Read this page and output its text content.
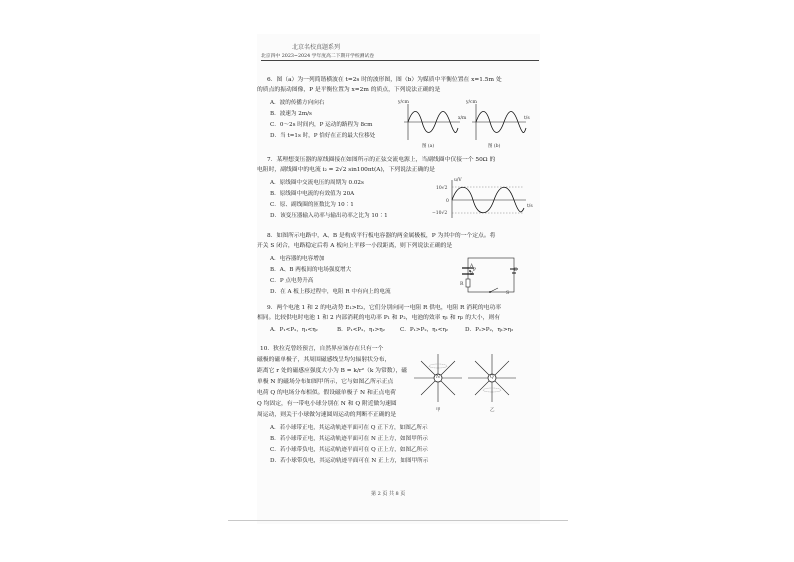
北京名校真题系列
北京四中 2023~2024 学年度高二下期开学校测试卷
6．图（a）为一列简谐横波在 t=2s 时的波形图，图（b）为媒质中平衡位置在 x=1.5m 处
的质点的振动图像，P 是平衡位置为 x=2m 的质点，下列说法正确的是
A．波的传播方向向右
B．波速为 2m/s
C．0～2s 时间内，P 运动的路程为 8cm
D．当 t=1s 时，P 恰好在正的最大位移处
y/cm
x/m
y/cm
t/s
图 (a)	图 (b)
7．某理想变压器的原线圈接在如图所示的正弦交流电源上，当副线圈中仅接一个 50Ω 的
电阻时，副线圈中的电流 i₂ = 2√2 sin100πt(A)，下列说法正确的是
A．原线圈中交流电压的周期为 0.02s
B．原线圈中电流的有效值为 20A
C．原、副线圈的匝数比为 10∶1
D．该变压器输入功率与输出功率之比为 10∶1
u/V
t/s
10√2
0
−10√2
8．如图所示电路中，A、B 是构成平行板电容器的两金属极板，P 为其中的一个定点。将
开关 S 闭合，电路稳定后将 A 板向上平移一小段距离，则下列说法正确的是
A．电容器的电容增加
B．A、B 两板间的电场强度增大
C．P 点电势升高
D．在 A 板上移过程中，电阻 R 中有向上的电流
A
B
P
R
E
S
9．两个电池 1 和 2 的电动势 E₁>E₂，它们分别向同一电阻 R 供电，电阻 R 消耗的电功率
相同。比较供电时电池 1 和 2 内部消耗的电功率 P₁ 和 P₂，电池的效率 η₁ 和 η₂ 的大小，则有
A．P₁<P₂，η₁<η₂	B．P₁<P₂，η₁>η₂	C．P₁>P₂，η₁<η₂	D．P₁>P₂，η₁>η₂
10．狄拉克曾经预言，自然界应该存在只有一个
磁极的磁单极子，其周围磁感线呈均匀辐射状分布，
距离它 r 处的磁感应强度大小为 B = k/r²（k 为常数），磁
单极 N 的磁场分布如图甲所示，它与如图乙所示正点
电荷 Q 的电场分布相似。假设磁单极子 N 和正点电荷
Q 均固定，有一带电小球分别在 N 和 Q 附近做匀速圆
周运动，则关于小球做匀速圆周运动的判断不正确的是
N	Q
甲	乙
A．若小球带正电，其运动轨迹平面可在 Q 正下方，如图乙所示
B．若小球带正电，其运动轨迹平面可在 N 正上方，如图甲所示
C．若小球带负电，其运动轨迹平面可在 Q 正上方，如图乙所示
D．若小球带负电，其运动轨迹平面可在 N 正上方，如图甲所示
第 2 页 共 8 页
